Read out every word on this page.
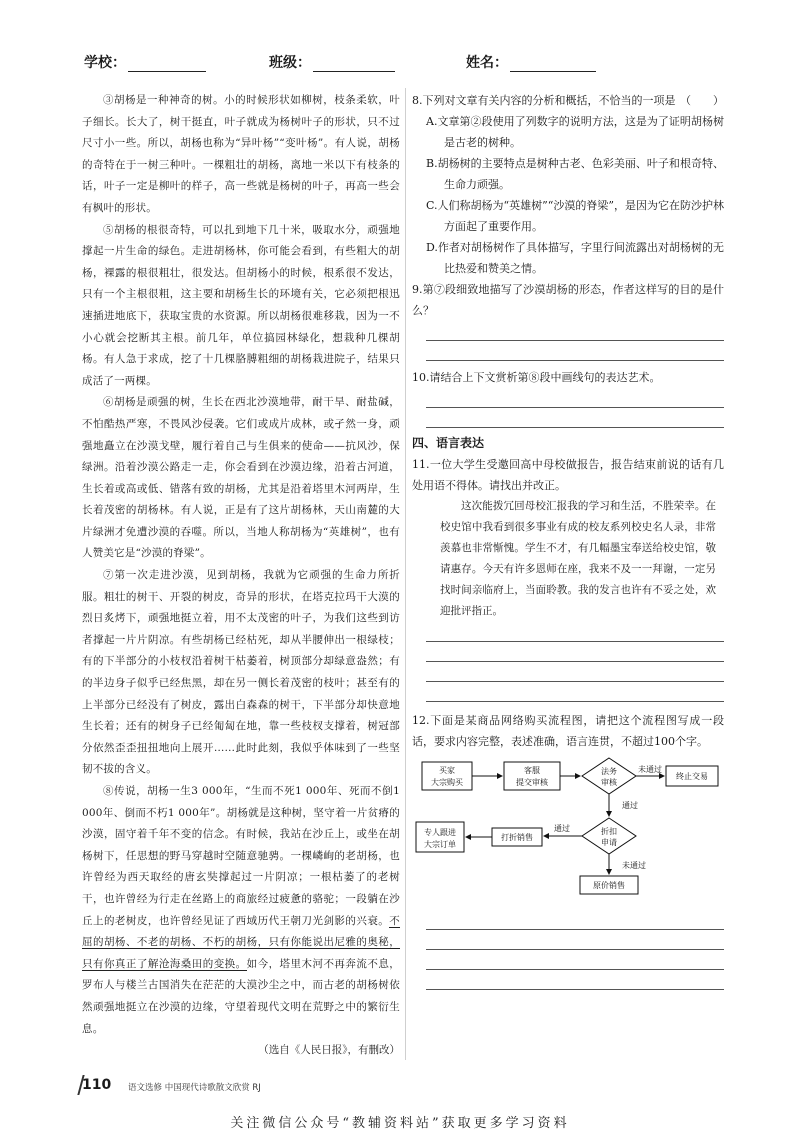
学校：	班级：	姓名：

③胡杨是一种神奇的树。小的时候形状如柳树，枝条柔软，叶子细长。长大了，树干挺直，叶子就成为杨树叶子的形状，只不过尺寸小一些。所以，胡杨也称为“异叶杨”“变叶杨”。有人说，胡杨的奇特在于一树三种叶。一棵粗壮的胡杨，离地一米以下有枝条的话，叶子一定是柳叶的样子，高一些就是杨树的叶子，再高一些会有枫叶的形状。

⑤胡杨的根很奇特，可以扎到地下几十米，吸取水分，顽强地撑起一片生命的绿色。走进胡杨林，你可能会看到，有些粗大的胡杨，裸露的根很粗壮，很发达。但胡杨小的时候，根系很不发达，只有一个主根很粗，这主要和胡杨生长的环境有关，它必须把根迅速插进地底下，获取宝贵的水资源。所以胡杨很难移栽，因为一不小心就会挖断其主根。前几年，单位搞园林绿化，想栽种几棵胡杨。有人急于求成，挖了十几棵胳膊粗细的胡杨栽进院子，结果只成活了一两棵。

⑥胡杨是顽强的树，生长在西北沙漠地带，耐干旱、耐盐碱，不怕酷热严寒，不畏风沙侵袭。它们或成片成林，或孑然一身，顽强地矗立在沙漠戈壁，履行着自己与生俱来的使命——抗风沙，保绿洲。沿着沙漠公路走一走，你会看到在沙漠边缘，沿着古河道，生长着或高或低、错落有致的胡杨，尤其是沿着塔里木河两岸，生长着茂密的胡杨林。有人说，正是有了这片胡杨林，天山南麓的大片绿洲才免遭沙漠的吞噬。所以，当地人称胡杨为“英雄树”，也有人赞美它是“沙漠的脊梁”。

⑦第一次走进沙漠，见到胡杨，我就为它顽强的生命力所折服。粗壮的树干、开裂的树皮，奇异的形状，在塔克拉玛干大漠的烈日炙烤下，顽强地挺立着，用不太茂密的叶子，为我们这些到访者撑起一片片阴凉。有些胡杨已经枯死，却从半腰伸出一根绿枝；有的下半部分的小枝杈沿着树干枯萎着，树顶部分却绿意盎然；有的半边身子似乎已经焦黑，却在另一侧长着茂密的枝叶；甚至有的上半部分已经没有了树皮，露出白森森的树干，下半部分却快意地生长着；还有的树身子已经匍匐在地，靠一些枝杈支撑着，树冠部分依然歪歪扭扭地向上展开……此时此刻，我似乎体味到了一些坚韧不拔的含义。

⑧传说，胡杨一生3 000年，“生而不死1 000年、死而不倒1 000年、倒而不朽1 000年”。胡杨就是这种树，坚守着一片贫瘠的沙漠，固守着千年不变的信念。有时候，我站在沙丘上，或坐在胡杨树下，任思想的野马穿越时空随意驰骋。一棵嶙峋的老胡杨，也许曾经为西天取经的唐玄奘撑起过一片阴凉；一根枯萎了的老树干，也许曾经为行走在丝路上的商旅经过疲惫的骆驼；一段躺在沙丘上的老树皮，也许曾经见证了西域历代王朝刀光剑影的兴衰。不屈的胡杨、不老的胡杨、不朽的胡杨，只有你能说出尼雅的奥秘，只有你真正了解沧海桑田的变换。如今，塔里木河不再奔流不息，罗布人与楼兰古国消失在茫茫的大漠沙尘之中，而古老的胡杨树依然顽强地挺立在沙漠的边缘，守望着现代文明在荒野之中的繁衍生息。

（选自《人民日报》，有删改）

8.下列对文章有关内容的分析和概括，不恰当的一项是 （　　）

A.文章第②段使用了列数字的说明方法，这是为了证明胡杨树是古老的树种。

B.胡杨树的主要特点是树种古老、色彩美丽、叶子和根奇特、生命力顽强。

C.人们称胡杨为“英雄树”“沙漠的脊梁”，是因为它在防沙护林方面起了重要作用。

D.作者对胡杨树作了具体描写，字里行间流露出对胡杨树的无比热爱和赞美之情。

9.第⑦段细致地描写了沙漠胡杨的形态，作者这样写的目的是什么？

10.请结合上下文赏析第⑧段中画线句的表达艺术。

四、语言表达

11.一位大学生受邀回高中母校做报告，报告结束前说的话有几处用语不得体。请找出并改正。

这次能拨冗回母校汇报我的学习和生活，不胜荣幸。在校史馆中我看到很多事业有成的校友系列校史名人录，非常羡慕也非常惭愧。学生不才，有几幅墨宝奉送给校史馆，敬请惠存。今天有许多恩师在座，我来不及一一拜谢，一定另找时间亲临府上，当面聆教。我的发言也许有不妥之处，欢迎批评指正。

12.下面是某商品网络购买流程图，请把这个流程图写成一段话，要求内容完整，表述准确，语言连贯，不超过100个字。

买家
大宗购买
客服
提交审核
法务
审核
未通过
终止交易
通过
折扣
申请
通过
未通过
打折销售
专人跟进
大宗订单
原价销售
110 语文选修 中国现代诗歌散文欣赏 RJ
关注微信公众号“教辅资料站”获取更多学习资料
